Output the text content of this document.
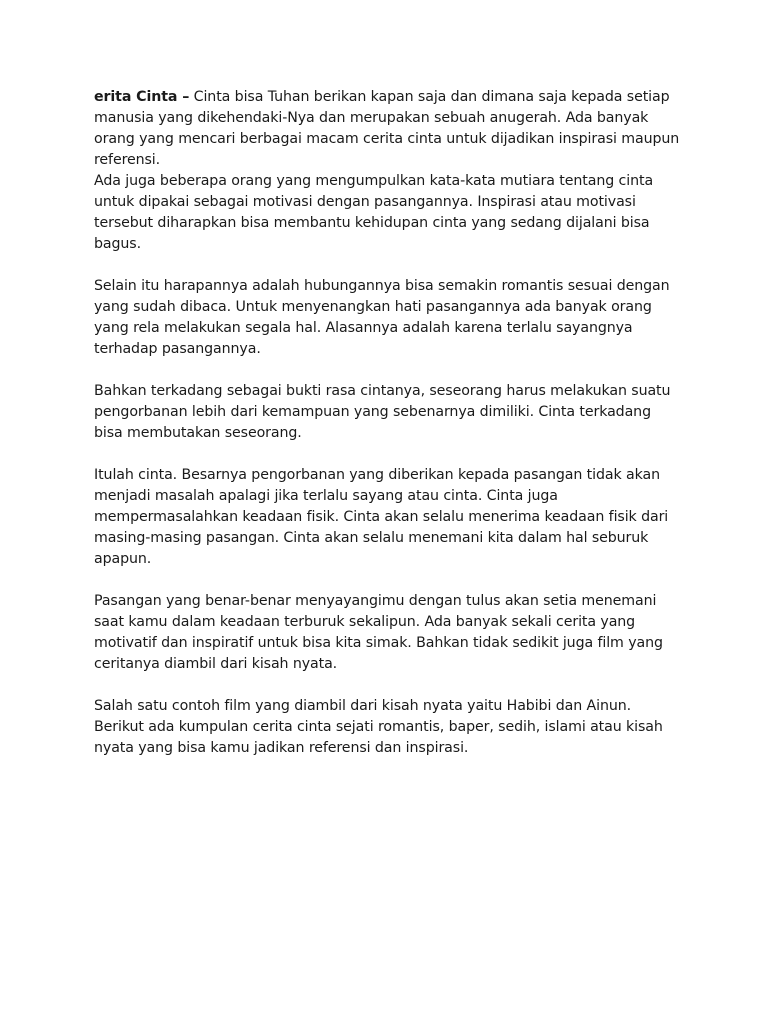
erita Cinta – Cinta bisa Tuhan berikan kapan saja dan dimana saja kepada setiap manusia yang dikehendaki-Nya dan merupakan sebuah anugerah. Ada banyak orang yang mencari berbagai macam cerita cinta untuk dijadikan inspirasi maupun referensi.

Ada juga beberapa orang yang mengumpulkan kata-kata mutiara tentang cinta untuk dipakai sebagai motivasi dengan pasangannya. Inspirasi atau motivasi tersebut diharapkan bisa membantu kehidupan cinta yang sedang dijalani bisa bagus.

Selain itu harapannya adalah hubungannya bisa semakin romantis sesuai dengan yang sudah dibaca. Untuk menyenangkan hati pasangannya ada banyak orang yang rela melakukan segala hal. Alasannya adalah karena terlalu sayangnya terhadap pasangannya.

Bahkan terkadang sebagai bukti rasa cintanya, seseorang harus melakukan suatu pengorbanan lebih dari kemampuan yang sebenarnya dimiliki. Cinta terkadang bisa membutakan seseorang.

Itulah cinta. Besarnya pengorbanan yang diberikan kepada pasangan tidak akan menjadi masalah apalagi jika terlalu sayang atau cinta. Cinta juga mempermasalahkan keadaan fisik. Cinta akan selalu menerima keadaan fisik dari masing-masing pasangan. Cinta akan selalu menemani kita dalam hal seburuk apapun.

Pasangan yang benar-benar menyayangimu dengan tulus akan setia menemani saat kamu dalam keadaan terburuk sekalipun. Ada banyak sekali cerita yang motivatif dan inspiratif untuk bisa kita simak. Bahkan tidak sedikit juga film yang ceritanya diambil dari kisah nyata.

Salah satu contoh film yang diambil dari kisah nyata yaitu Habibi dan Ainun. Berikut ada kumpulan cerita cinta sejati romantis, baper, sedih, islami atau kisah nyata yang bisa kamu jadikan referensi dan inspirasi.
